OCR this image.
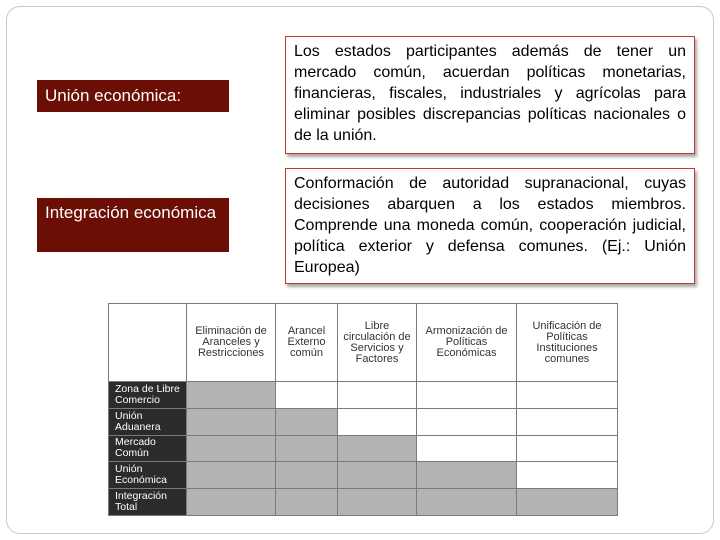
Unión económica:
Los estados participantes además de tener un mercado común, acuerdan políticas monetarias, financieras, fiscales, industriales y agrícolas para eliminar posibles discrepancias políticas nacionales o de la unión.
Integración económica
Conformación de autoridad supranacional, cuyas decisiones abarquen a los estados miembros. Comprende una moneda común, cooperación judicial, política exterior y defensa comunes. (Ej.: Unión Europea)
	Eliminación de Aranceles y Restricciones	Arancel Externo común	Libre circulación de Servicios y Factores	Armonización de Políticas Económicas	Unificación de Políticas Instituciones comunes
Zona de Libre Comercio					
Unión Aduanera					
Mercado Común					
Unión Económica					
Integración Total					
